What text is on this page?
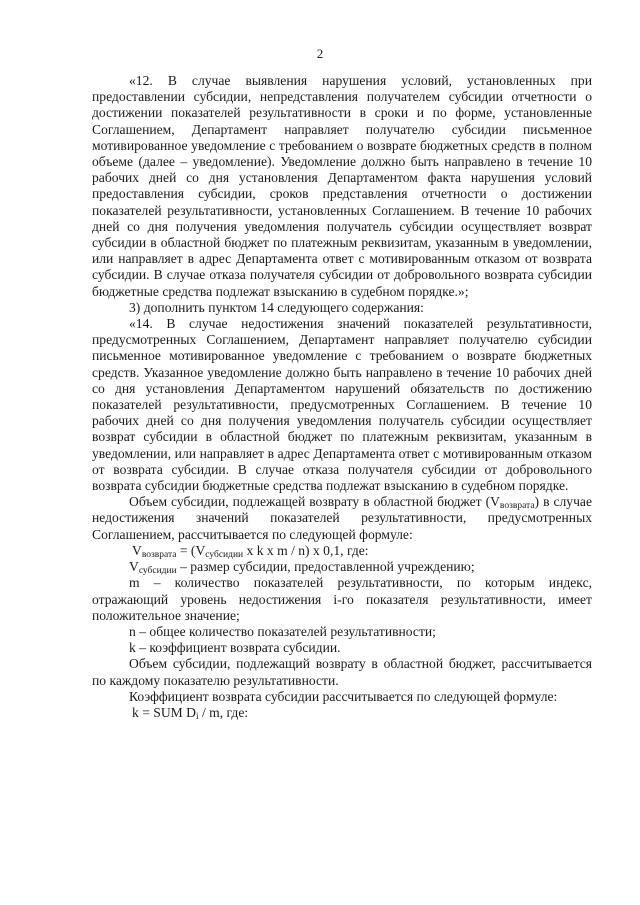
2

«12. В случае выявления нарушения условий, установленных при предоставлении субсидии, непредставления получателем субсидии отчетности о достижении показателей результативности в сроки и по форме, установленные Соглашением, Департамент направляет получателю субсидии письменное мотивированное уведомление с требованием о возврате бюджетных средств в полном объеме (далее – уведомление). Уведомление должно быть направлено в течение 10 рабочих дней со дня установления Департаментом факта нарушения условий предоставления субсидии, сроков представления отчетности о достижении показателей результативности, установленных Соглашением. В течение 10 рабочих дней со дня получения уведомления получатель субсидии осуществляет возврат субсидии в областной бюджет по платежным реквизитам, указанным в уведомлении, или направляет в адрес Департамента ответ с мотивированным отказом от возврата субсидии. В случае отказа получателя субсидии от добровольного возврата субсидии бюджетные средства подлежат взысканию в судебном порядке.»;

3) дополнить пунктом 14 следующего содержания:

«14. В случае недостижения значений показателей результативности, предусмотренных Соглашением, Департамент направляет получателю субсидии письменное мотивированное уведомление с требованием о возврате бюджетных средств. Указанное уведомление должно быть направлено в течение 10 рабочих дней со дня установления Департаментом нарушений обязательств по достижению показателей результативности, предусмотренных Соглашением. В течение 10 рабочих дней со дня получения уведомления получатель субсидии осуществляет возврат субсидии в областной бюджет по платежным реквизитам, указанным в уведомлении, или направляет в адрес Департамента ответ с мотивированным отказом от возврата субсидии. В случае отказа получателя субсидии от добровольного возврата субсидии бюджетные средства подлежат взысканию в судебном порядке.

Объем субсидии, подлежащей возврату в областной бюджет $(V_{возврата})$ в случае недостижения значений показателей результативности, предусмотренных Соглашением, рассчитывается по следующей формуле:

$V_{возврата} = (V_{субсидии}$ x k x m / n) x 0,1, где:

$V_{субсидии}$ – размер субсидии, предоставленной учреждению;

m – количество показателей результативности, по которым индекс, отражающий уровень недостижения i-го показателя результативности, имеет положительное значение;

n – общее количество показателей результативности;

k – коэффициент возврата субсидии.

Объем субсидии, подлежащий возврату в областной бюджет, рассчитывается по каждому показателю результативности.

Коэффициент возврата субсидии рассчитывается по следующей формуле:

k = SUM $D_i$ / m, где:
